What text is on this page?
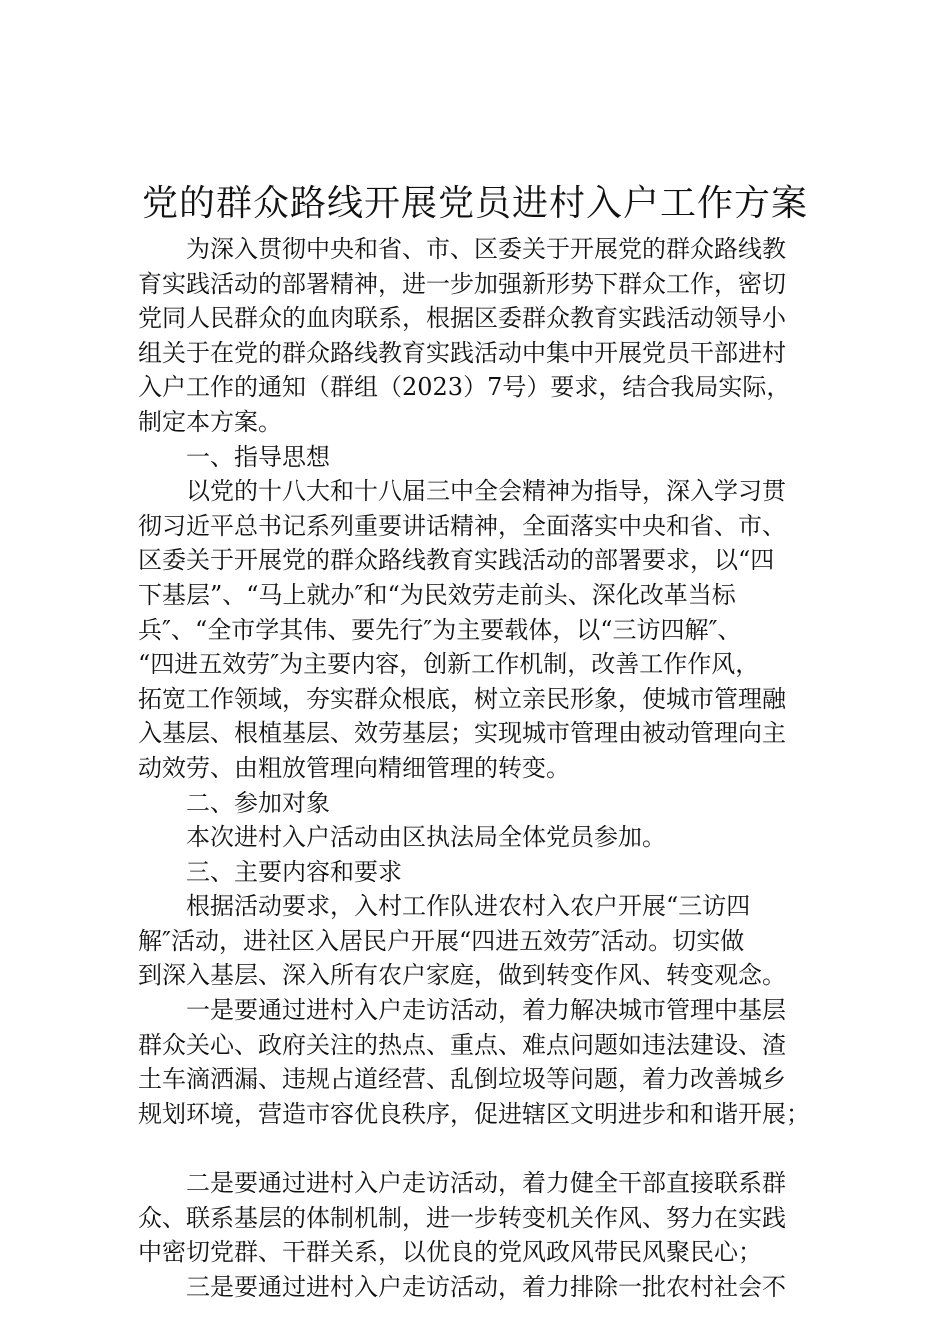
党的群众路线开展党员进村入户工作方案
为深入贯彻中央和省、市、区委关于开展党的群众路线教
育实践活动的部署精神，进一步加强新形势下群众工作，密切
党同人民群众的血肉联系，根据区委群众教育实践活动领导小
组关于在党的群众路线教育实践活动中集中开展党员干部进村
入户工作的通知（群组（2023）7号）要求，结合我局实际，
制定本方案。
一、指导思想
以党的十八大和十八届三中全会精神为指导，深入学习贯
彻习近平总书记系列重要讲话精神，全面落实中央和省、市、
区委关于开展党的群众路线教育实践活动的部署要求，以“四
下基层”、“马上就办″和“为民效劳走前头、深化改革当标
兵″、“全市学其伟、要先行″为主要载体，以“三访四解″、
“四进五效劳″为主要内容，创新工作机制，改善工作作风，
拓宽工作领域，夯实群众根底，树立亲民形象，使城市管理融
入基层、根植基层、效劳基层；实现城市管理由被动管理向主
动效劳、由粗放管理向精细管理的转变。
二、参加对象
本次进村入户活动由区执法局全体党员参加。
三、主要内容和要求
根据活动要求，入村工作队进农村入农户开展“三访四
解″活动，进社区入居民户开展“四进五效劳″活动。切实做
到深入基层、深入所有农户家庭，做到转变作风、转变观念。
一是要通过进村入户走访活动，着力解决城市管理中基层
群众关心、政府关注的热点、重点、难点问题如违法建设、渣
土车滴洒漏、违规占道经营、乱倒垃圾等问题，着力改善城乡
规划环境，营造市容优良秩序，促进辖区文明进步和和谐开展；
二是要通过进村入户走访活动，着力健全干部直接联系群
众、联系基层的体制机制，进一步转变机关作风、努力在实践
中密切党群、干群关系，以优良的党风政风带民风聚民心；
三是要通过进村入户走访活动，着力排除一批农村社会不
